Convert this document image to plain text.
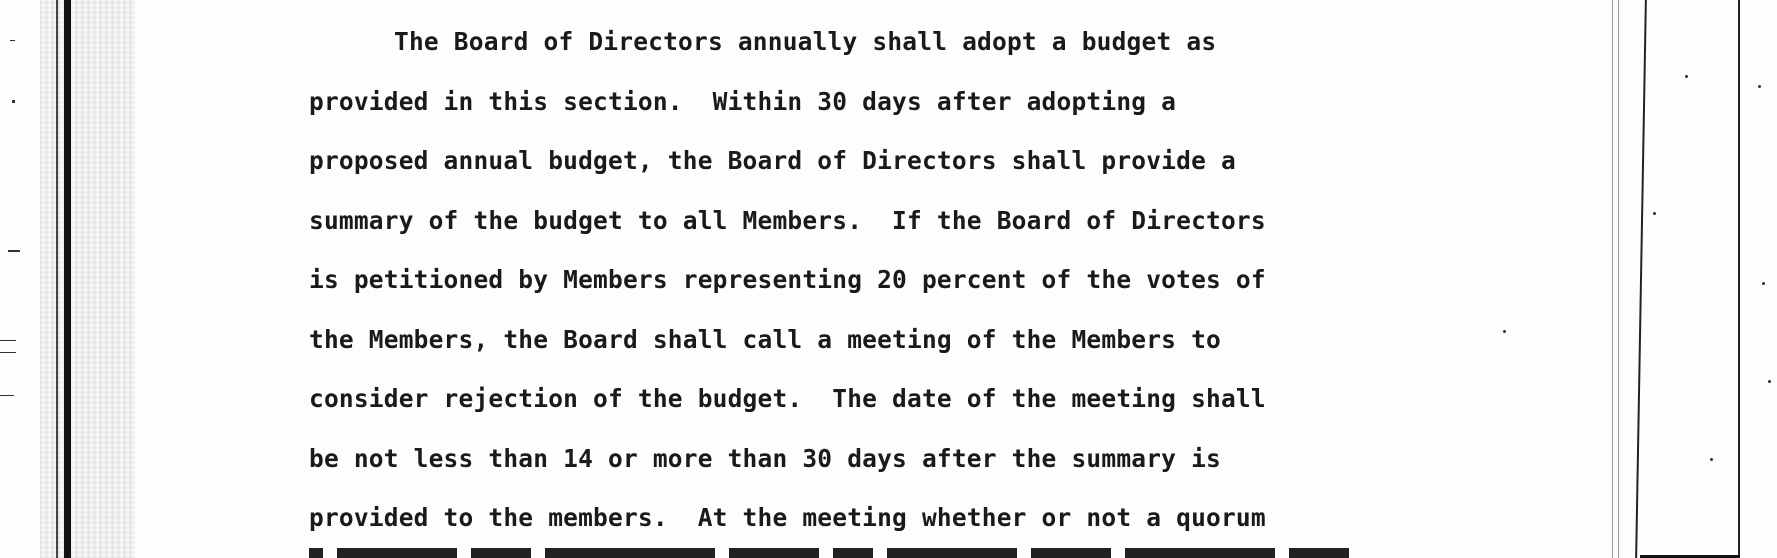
The Board of Directors annually shall adopt a budget as
provided in this section.  Within 30 days after adopting a
proposed annual budget, the Board of Directors shall provide a
summary of the budget to all Members.  If the Board of Directors
is petitioned by Members representing 20 percent of the votes of
the Members, the Board shall call a meeting of the Members to
consider rejection of the budget.  The date of the meeting shall
be not less than 14 or more than 30 days after the summary is
provided to the members.  At the meeting whether or not a quorum
